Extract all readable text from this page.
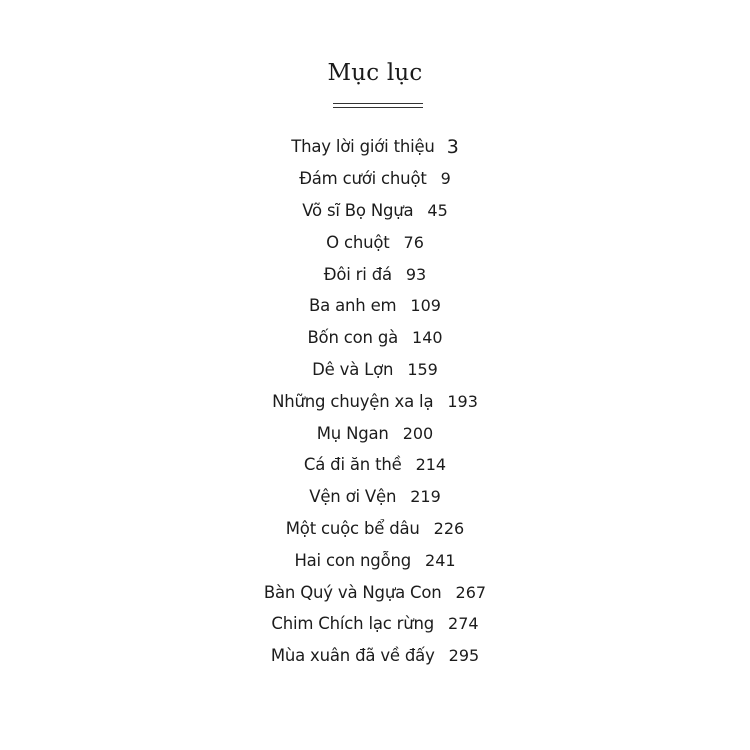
Mục lục
Thay lời giới thiệu 3
Đám cưới chuột 9
Võ sĩ Bọ Ngựa 45
O chuột 76
Đôi ri đá 93
Ba anh em 109
Bốn con gà 140
Dê và Lợn 159
Những chuyện xa lạ 193
Mụ Ngan 200
Cá đi ăn thề 214
Vện ơi Vện 219
Một cuộc bể dâu 226
Hai con ngỗng 241
Bàn Quý và Ngựa Con 267
Chim Chích lạc rừng 274
Mùa xuân đã về đấy 295
